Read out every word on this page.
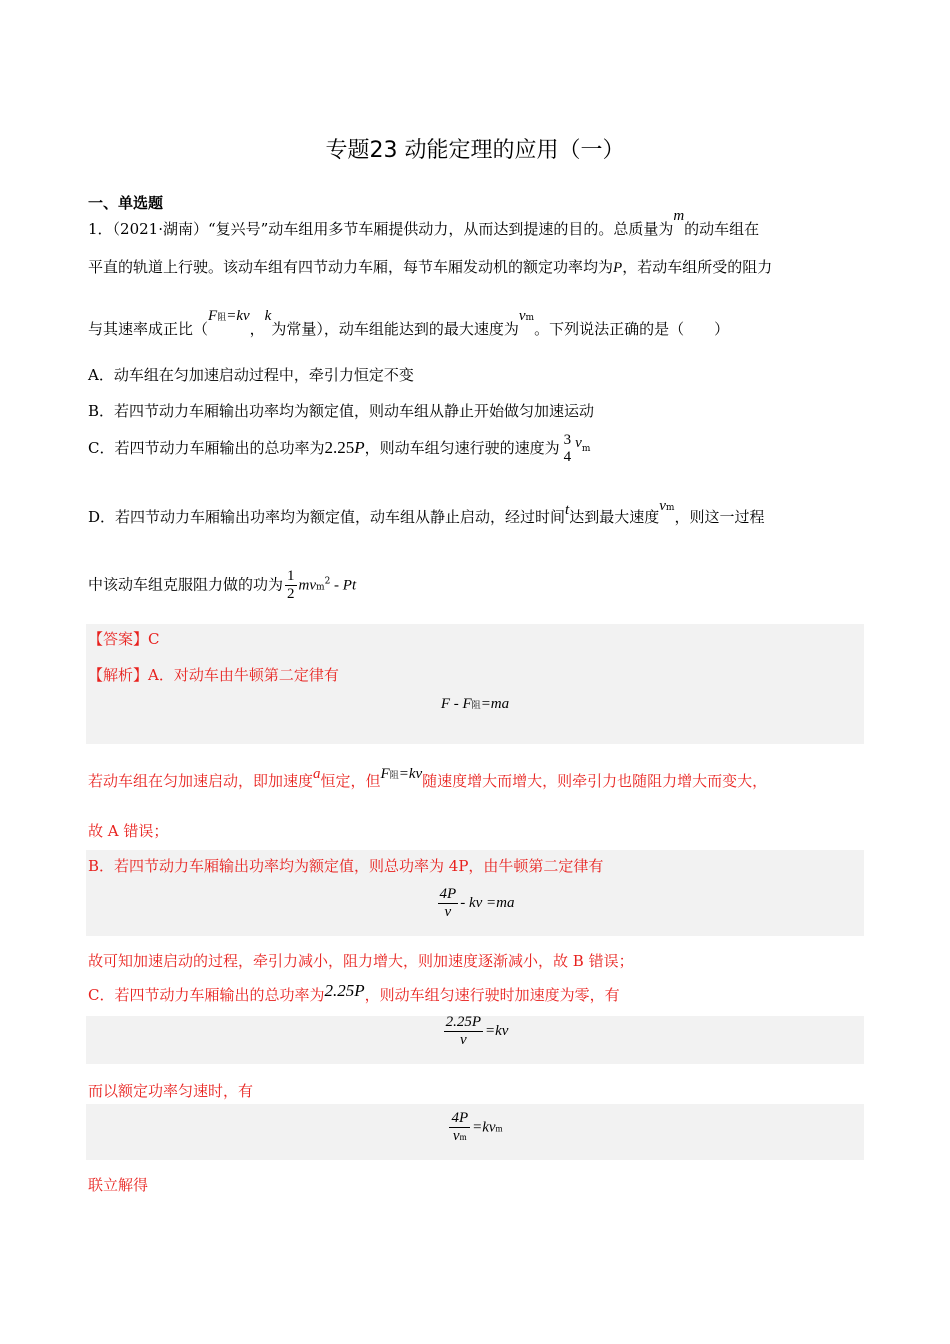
专题23 动能定理的应用（一）
一、单选题
1．（2021·湖南）“复兴号”动车组用多节车厢提供动力，从而达到提速的目的。总质量为m的动车组在
平直的轨道上行驶。该动车组有四节动力车厢，每节车厢发动机的额定功率均为P，若动车组所受的阻力
与其速率成正比（F阻=kv，k为常量），动车组能达到的最大速度为vm。下列说法正确的是（　　）
A．动车组在匀加速启动过程中，牵引力恒定不变
B．若四节动力车厢输出功率均为额定值，则动车组从静止开始做匀加速运动
C．若四节动力车厢输出的总功率为2.25P，则动车组匀速行驶的速度为 3
4
vm
D．若四节动力车厢输出功率均为额定值，动车组从静止启动，经过时间t达到最大速度vm，则这一过程
中该动车组克服阻力做的功为 $\frac{1}{2} mvm^2$ - Pt
【答案】C
【解析】A．对动车由牛顿第二定律有
F - F阻=ma
若动车组在匀加速启动，即加速度a恒定，但F阻=kv随速度增大而增大，则牵引力也随阻力增大而变大，
故 A 错误；
B．若四节动力车厢输出功率均为额定值，则总功率为 4P，由牛顿第二定律有
$\frac{4P}{v}$ - kv =ma
故可知加速启动的过程，牵引力减小，阻力增大，则加速度逐渐减小，故 B 错误；
C．若四节动力车厢输出的总功率为2.25P，则动车组匀速行驶时加速度为零，有
$\frac{2.25P}{v} =kv$
而以额定功率匀速时，有
$\frac{4P}{vm} =kvm$
联立解得
